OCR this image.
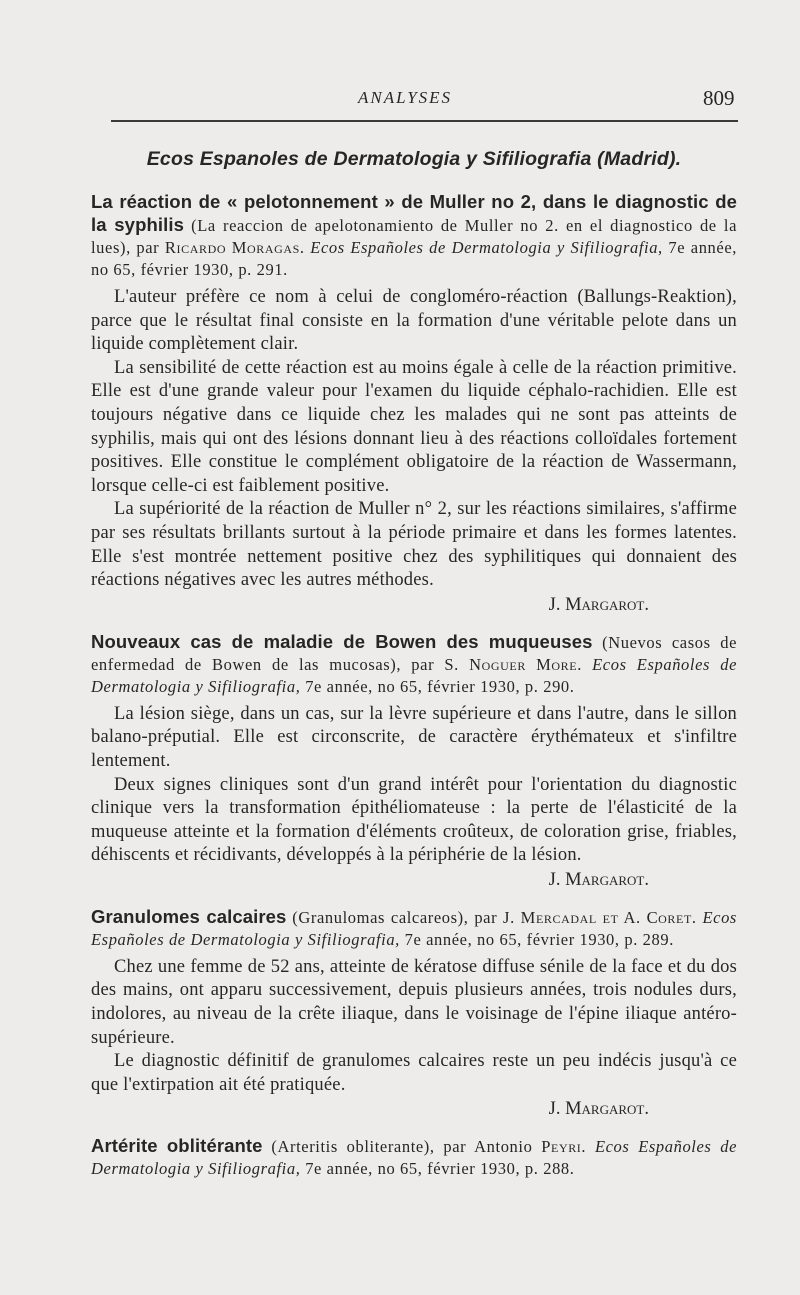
ANALYSES	809
Ecos Espanoles de Dermatologia y Sifiliografia (Madrid).
La réaction de « pelotonnement » de Muller no 2, dans le diagnostic de la syphilis (La reaccion de apelotonamiento de Muller no 2. en el diagnostico de la lues), par Ricardo Moragas. Ecos Españoles de Dermatologia y Sifiliografia, 7e année, no 65, février 1930, p. 291.

L'auteur préfère ce nom à celui de congloméro-réaction (Ballungs-Reaktion), parce que le résultat final consiste en la formation d'une véritable pelote dans un liquide complètement clair.

La sensibilité de cette réaction est au moins égale à celle de la réaction primitive. Elle est d'une grande valeur pour l'examen du liquide céphalo-rachidien. Elle est toujours négative dans ce liquide chez les malades qui ne sont pas atteints de syphilis, mais qui ont des lésions donnant lieu à des réactions colloïdales fortement positives. Elle constitue le complément obligatoire de la réaction de Wassermann, lorsque celle-ci est faiblement positive.

La supériorité de la réaction de Muller n° 2, sur les réactions similaires, s'affirme par ses résultats brillants surtout à la période primaire et dans les formes latentes. Elle s'est montrée nettement positive chez des syphilitiques qui donnaient des réactions négatives avec les autres méthodes.

J. Margarot.

Nouveaux cas de maladie de Bowen des muqueuses (Nuevos casos de enfermedad de Bowen de las mucosas), par S. Noguer More. Ecos Españoles de Dermatologia y Sifiliografia, 7e année, no 65, février 1930, p. 290.

La lésion siège, dans un cas, sur la lèvre supérieure et dans l'autre, dans le sillon balano-préputial. Elle est circonscrite, de caractère érythémateux et s'infiltre lentement.

Deux signes cliniques sont d'un grand intérêt pour l'orientation du diagnostic clinique vers la transformation épithéliomateuse : la perte de l'élasticité de la muqueuse atteinte et la formation d'éléments croûteux, de coloration grise, friables, déhiscents et récidivants, développés à la périphérie de la lésion.

J. Margarot.

Granulomes calcaires (Granulomas calcareos), par J. Mercadal et A. Coret. Ecos Españoles de Dermatologia y Sifiliografia, 7e année, no 65, février 1930, p. 289.

Chez une femme de 52 ans, atteinte de kératose diffuse sénile de la face et du dos des mains, ont apparu successivement, depuis plusieurs années, trois nodules durs, indolores, au niveau de la crête iliaque, dans le voisinage de l'épine iliaque antéro-supérieure.

Le diagnostic définitif de granulomes calcaires reste un peu indécis jusqu'à ce que l'extirpation ait été pratiquée.

J. Margarot.

Artérite oblitérante (Arteritis obliterante), par Antonio Peyri. Ecos Españoles de Dermatologia y Sifiliografia, 7e année, no 65, février 1930, p. 288.
